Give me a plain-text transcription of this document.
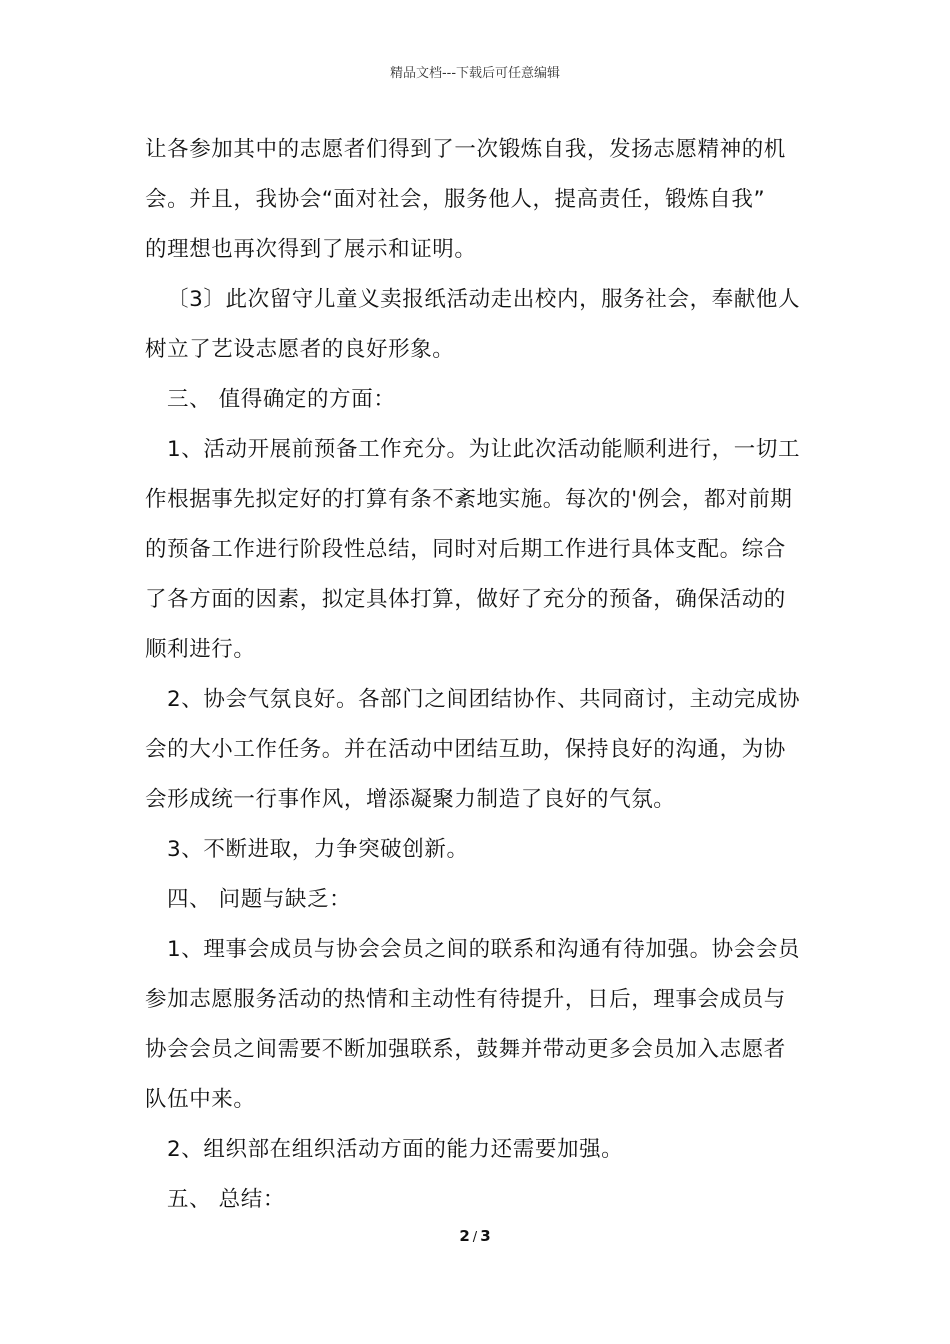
精品文档---下载后可任意编辑

让各参加其中的志愿者们得到了一次锻炼自我，发扬志愿精神的机

会。并且，我协会“面对社会，服务他人，提高责任，锻炼自我”

的理想也再次得到了展示和证明。

〔3〕此次留守儿童义卖报纸活动走出校内，服务社会，奉献他人

树立了艺设志愿者的良好形象。

三、 值得确定的方面：

1、活动开展前预备工作充分。为让此次活动能顺利进行，一切工

作根据事先拟定好的打算有条不紊地实施。每次的'例会，都对前期

的预备工作进行阶段性总结，同时对后期工作进行具体支配。综合

了各方面的因素，拟定具体打算，做好了充分的预备，确保活动的

顺利进行。

2、协会气氛良好。各部门之间团结协作、共同商讨，主动完成协

会的大小工作任务。并在活动中团结互助，保持良好的沟通，为协

会形成统一行事作风，增添凝聚力制造了良好的气氛。

3、不断进取，力争突破创新。

四、 问题与缺乏：

1、理事会成员与协会会员之间的联系和沟通有待加强。协会会员

参加志愿服务活动的热情和主动性有待提升，日后，理事会成员与

协会会员之间需要不断加强联系，鼓舞并带动更多会员加入志愿者

队伍中来。

2、组织部在组织活动方面的能力还需要加强。

五、 总结：

2 / 3
